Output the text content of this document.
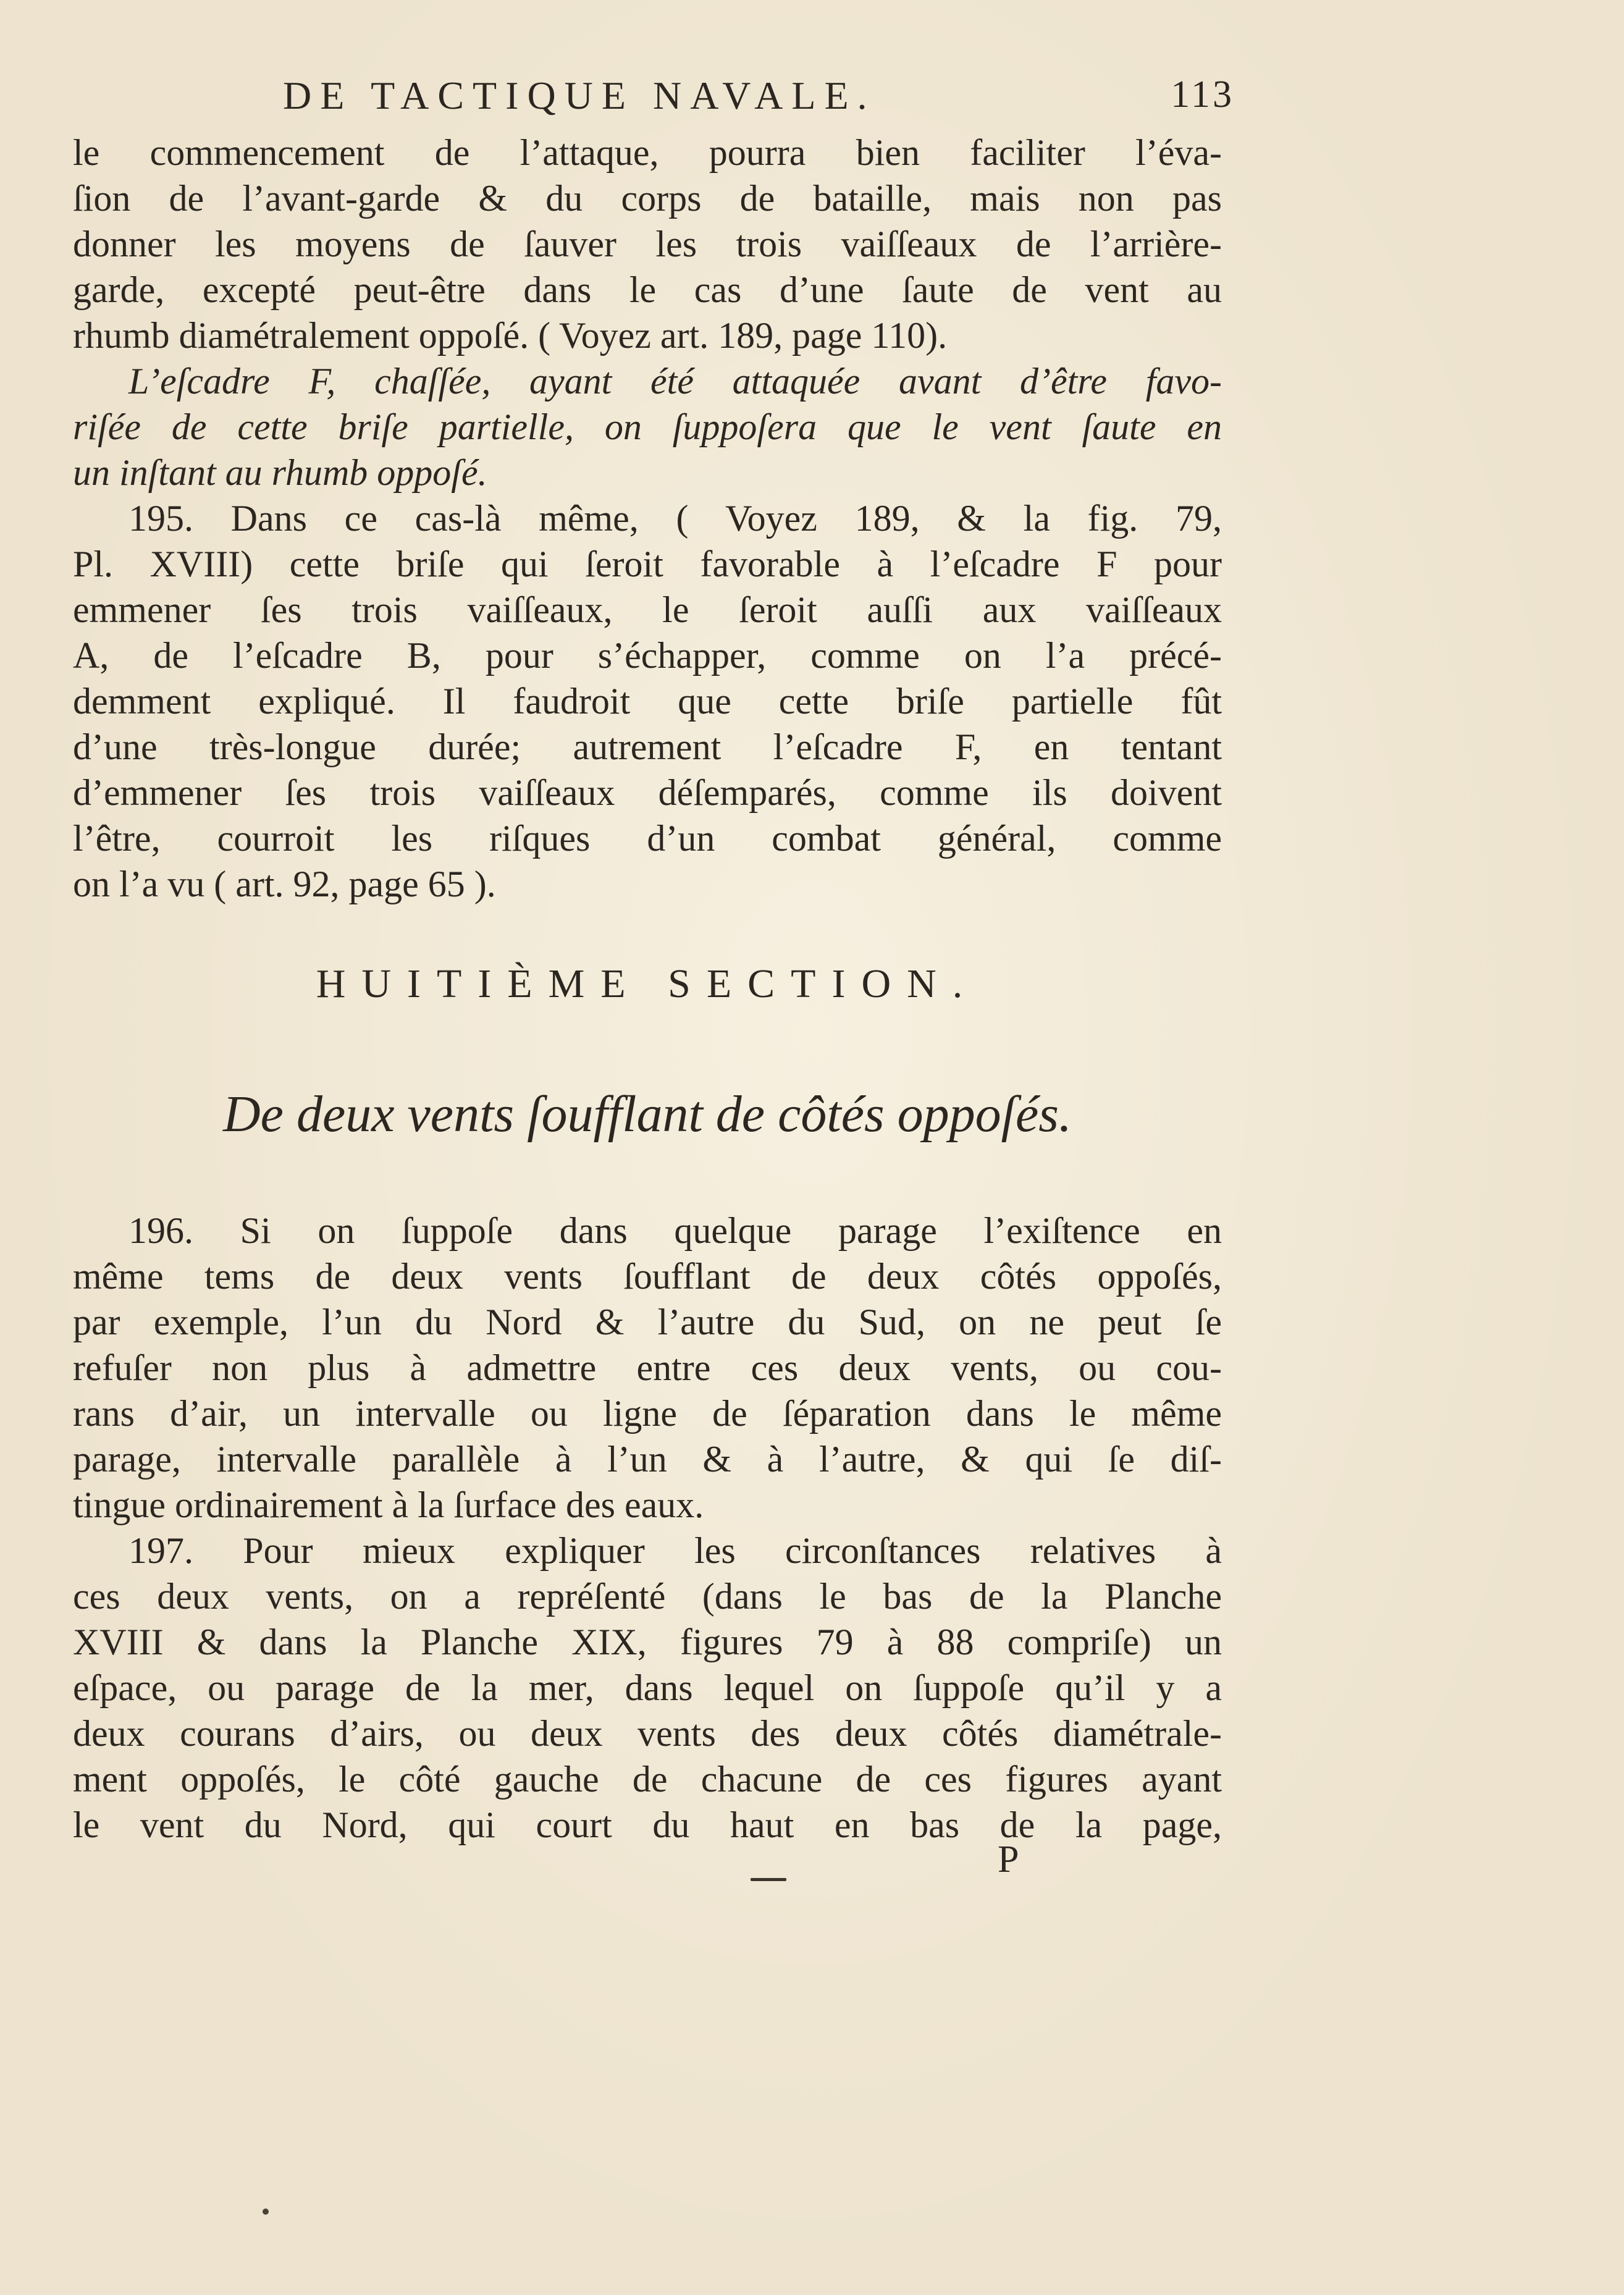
DE TACTIQUE NAVALE.	113
le commencement de l’attaque, pourra bien faciliter l’éva-
ſion de l’avant-garde & du corps de bataille, mais non pas
donner les moyens de ſauver les trois vaiſſeaux de l’arrière-
garde, excepté peut-être dans le cas d’une ſaute de vent au
rhumb diamétralement oppoſé. ( Voyez art. 189, page 110).
L’eſcadre F, chaſſée, ayant été attaquée avant d’être favo-
riſée de cette briſe partielle, on ſuppoſera que le vent ſaute en
un inſtant au rhumb oppoſé.
195. Dans ce cas-là même, ( Voyez 189, & la fig. 79,
Pl. XVIII) cette briſe qui ſeroit favorable à l’eſcadre F pour
emmener ſes trois vaiſſeaux, le ſeroit auſſi aux vaiſſeaux
A, de l’eſcadre B, pour s’échapper, comme on l’a précé-
demment expliqué. Il faudroit que cette briſe partielle fût
d’une très-longue durée; autrement l’eſcadre F, en tentant
d’emmener ſes trois vaiſſeaux déſemparés, comme ils doivent
l’être, courroit les riſques d’un combat général, comme
on l’a vu ( art. 92, page 65 ).
HUITIÈME SECTION.
De deux vents ſoufflant de côtés oppoſés.
196. Si on ſuppoſe dans quelque parage l’exiſtence en
même tems de deux vents ſoufflant de deux côtés oppoſés,
par exemple, l’un du Nord & l’autre du Sud, on ne peut ſe
refuſer non plus à admettre entre ces deux vents, ou cou-
rans d’air, un intervalle ou ligne de ſéparation dans le même
parage, intervalle parallèle à l’un & à l’autre, & qui ſe diſ-
tingue ordinairement à la ſurface des eaux.
197. Pour mieux expliquer les circonſtances relatives à
ces deux vents, on a repréſenté (dans le bas de la Planche
XVIII & dans la Planche XIX, figures 79 à 88 compriſe) un
eſpace, ou parage de la mer, dans lequel on ſuppoſe qu’il y a
deux courans d’airs, ou deux vents des deux côtés diamétrale-
ment oppoſés, le côté gauche de chacune de ces figures ayant
le vent du Nord, qui court du haut en bas de la page,
P
